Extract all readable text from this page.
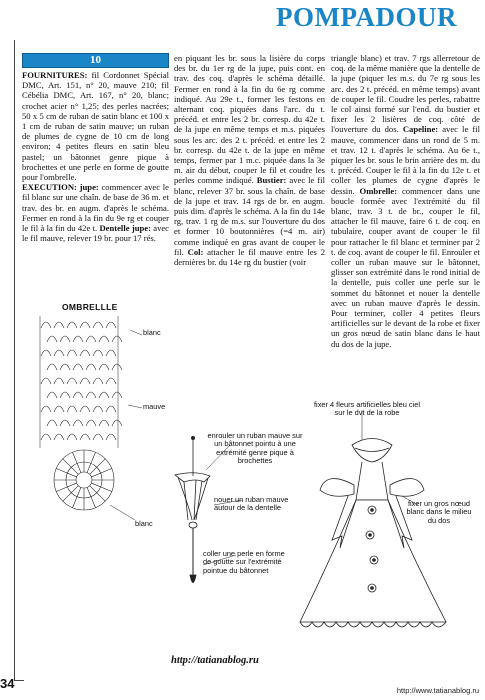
POMPADOUR
10

FOURNITURES: fil Cordonnet Spécial DMC, Art. 151, n° 20, mauve 210; fil Cébélia DMC, Art. 167, n° 20, blanc; crochet acier n° 1,25; des perles nacrées; 50 x 5 cm de ruban de satin blanc et 100 x 1 cm de ruban de satin mauve; un ruban de plumes de cygne de 10 cm de long environ; 4 petites fleurs en satin bleu pastel; un bâtonnet genre pique à brochettes et une perle en forme de goutte pour l'ombrelle.

EXECUTION: jupe: commencer avec le fil blanc sur une chaîn. de base de 36 m. et trav. des br. en augm. d'après le schéma. Fermer en rond à la fin du 9e rg et couper le fil à la fin du 42e t. Dentelle jupe: avec le fil mauve, relever 19 br. pour 17 rés.

en piquant les br. sous la lisière du corps des br. du 1er rg de la jupe, puis cont. en trav. des coq. d'après le schéma détaillé. Fermer en rond à la fin du 6e rg comme indiqué. Au 29e t., former les festons en alternant coq. piquées dans l'arc. du t. précéd. et entre les 2 br. corresp. du 42e t. de la jupe en même temps et m.s. piquées sous les arc. des 2 t. précéd. et entre les 2 br. corresp. du 42e t. de la jupe en même temps, fermer par 1 m.c. piquée dans la 3e m. air du début, couper le fil et coudre les perles comme indiqué. Bustier: avec le fil blanc, relever 37 br. sous la chaîn. de base de la jupe et trav. 14 rgs de br. en augm. puis dim. d'après le schéma. A la fin du 14e rg, trav. 1 rg de m.s. sur l'ouverture du dos et former 10 boutonnières (=4 m. air) comme indiqué en gras avant de couper le fil. Col: attacher le fil mauve entre les 2 dernières br. du 14e rg du bustier (voir

triangle blanc) et trav. 7 rgs allerretour de coq. de la même manière que la dentelle de la jupe (piquer les m.s. du 7e rg sous les arc. des 2 t. précéd. en même temps) avant de couper le fil. Coudre les perles, rabattre le col ainsi formé sur l'end. du bustier et fixer les 2 lisières de coq. côté de l'ouverture du dos. Capeline: avec le fil mauve, commencer dans un rond de 5 m. et trav. 12 t. d'après le schéma. Au 6e t., piquer les br. sous le brin arrière des m. du t. précéd. Couper le fil à la fin du 12e t. et coller les plumes de cygne d'après le dessin. Ombrelle: commencer dans une boucle formée avec l'extrémité du fil blanc, trav. 3 t. de br., couper le fil, attacher le fil mauve, faire 6 t. de coq. en tubulaire, couper avant de couper le fil pour rattacher le fil blanc et terminer par 2 t. de coq. avant de couper le fil. Enrouler et coller un ruban mauve sur le bâtonnet, glisser son extrémité dans le rond initial de la dentelle, puis coller une perle sur le sommet du bâtonnet et nouer la dentelle avec un ruban mauve d'après le dessin. Pour terminer, coller 4 petites fleurs artificielles sur le devant de la robe et fixer un gros nœud de satin blanc dans le haut du dos de la jupe.

OMBRELLLE
blanc
mauve
blanc
enrouler un ruban mauve sur un bâtonnet pointu à une extrémité genre pique à brochettes
nouer un ruban mauve autour de la dentelle
coller une perle en forme de goutte sur l'extrémité pointue du bâtonnet
fixer 4 fleurs artificielles bleu ciel sur le dvt de la robe
fixer un gros nœud blanc dans le milieu du dos
http://tatianablog.ru
34	http://www.tatianablog.ru
